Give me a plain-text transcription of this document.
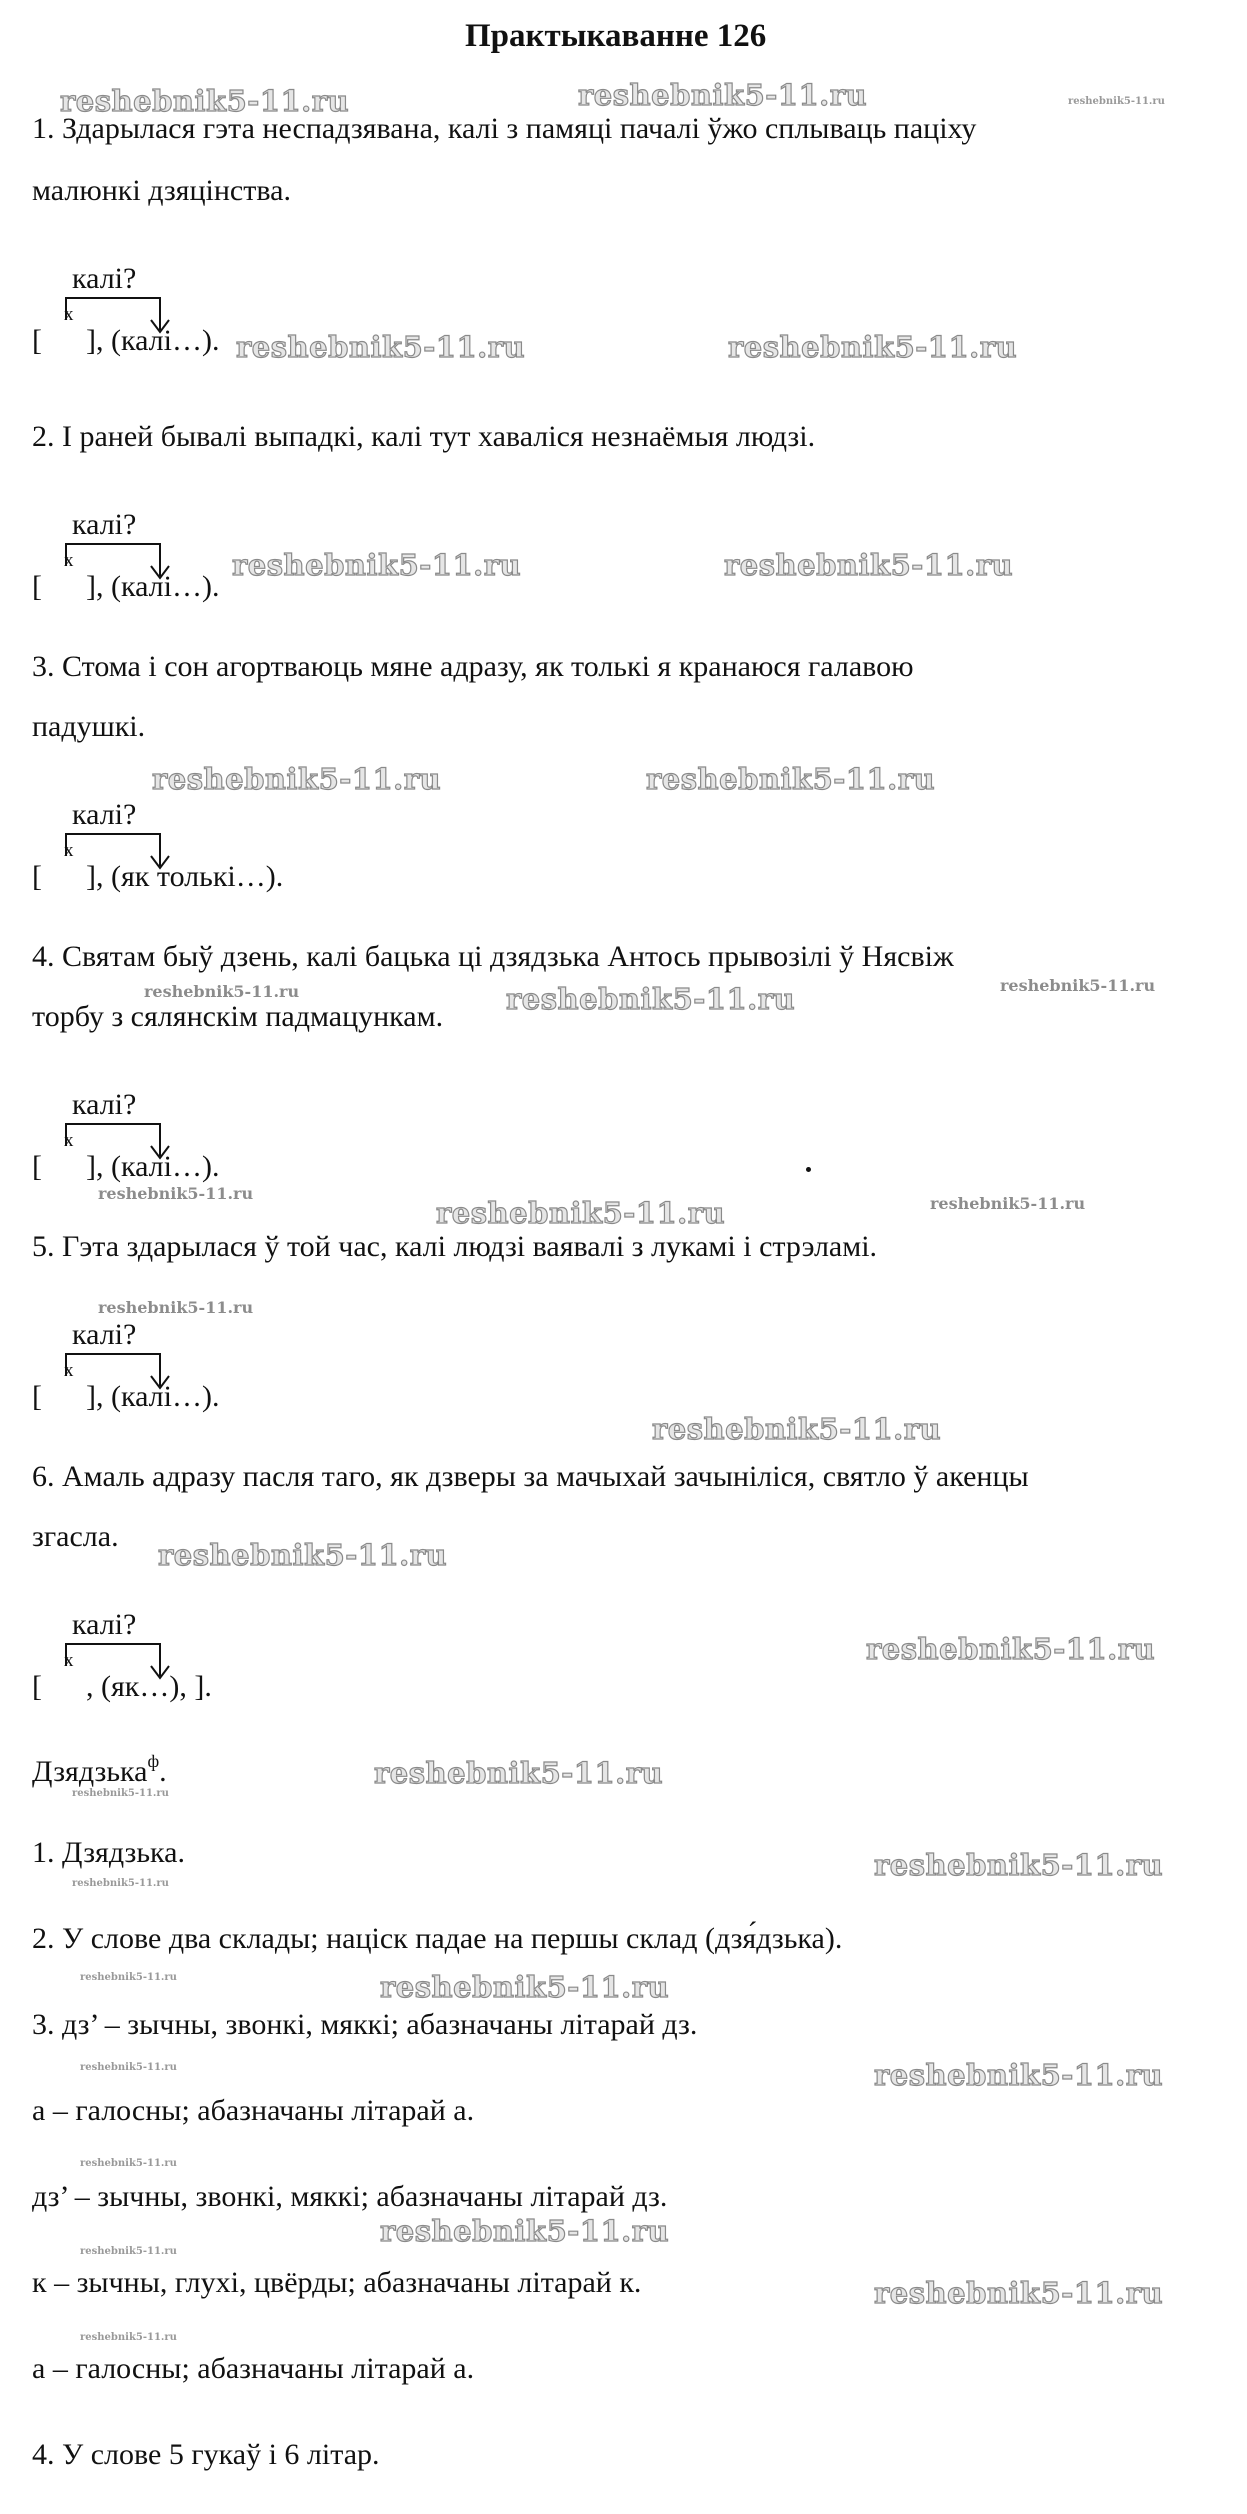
Практыкаванне 126
1. Здарылася гэта неспадзявана, калі з памяці пачалі ўжо сплываць паціху
малюнкі дзяцінства.
калі?
x
[ ], (калі…).
2. І раней бывалі выпадкі, калі тут хаваліся незнаёмыя людзі.
калі?
x
[ ], (калі…).
3. Стома і сон агортваюць мяне адразу, як толькі я кранаюся галавою
падушкі.
калі?
x
[ ], (як толькі…).
4. Святам быў дзень, калі бацька ці дзядзька Антось прывозілі ў Нясвіж
торбу з сялянскім падмацункам.
калі?
x
[ ], (калі…).
5. Гэта здарылася ў той час, калі людзі ваявалі з лукамі і стрэламі.
калі?
x
[ ], (калі…).
6. Амаль адразу пасля таго, як дзверы за мачыхай зачыніліся, святло ў акенцы
згасла.
калі?
x
[ , (як…), ].
Дзядзька$^ф$.
1. Дзядзька.
2. У слове два склады; націск падае на першы склад (дзя́дзька).
3. дз’ – зычны, звонкі, мяккі; абазначаны літарай дз.
а – галосны; абазначаны літарай а.
дз’ – зычны, звонкі, мяккі; абазначаны літарай дз.
к – зычны, глухі, цвёрды; абазначаны літарай к.
а – галосны; абазначаны літарай а.
4. У слове 5 гукаў і 6 літар.
reshebnik5-11.ru	reshebnik5-11.ru	reshebnik5-11.ru
reshebnik5-11.ru	reshebnik5-11.ru
reshebnik5-11.ru	reshebnik5-11.ru
reshebnik5-11.ru	reshebnik5-11.ru
reshebnik5-11.ru	reshebnik5-11.ru	reshebnik5-11.ru
reshebnik5-11.ru
reshebnik5-11.ru	reshebnik5-11.ru
reshebnik5-11.ru
reshebnik5-11.ru
reshebnik5-11.ru
reshebnik5-11.ru
reshebnik5-11.ru
reshebnik5-11.ru
reshebnik5-11.ru
reshebnik5-11.ru
reshebnik5-11.ru	reshebnik5-11.ru
reshebnik5-11.ru	reshebnik5-11.ru
reshebnik5-11.ru
reshebnik5-11.ru
reshebnik5-11.ru
reshebnik5-11.ru
reshebnik5-11.ru
